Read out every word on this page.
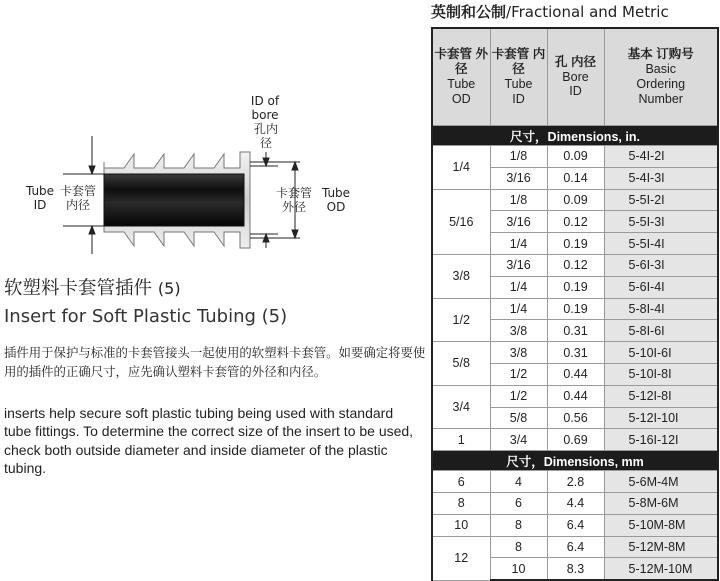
Tube ID
卡套管 内径
ID of bore
孔内 径
卡套管 外径
Tube OD
软塑料卡套管插件 (5)
Insert for Soft Plastic Tubing (5)
插件用于保护与标准的卡套管接头一起使用的软塑料卡套管。如要确定将要使用的插件的正确尺寸，应先确认塑料卡套管的外径和内径。
inserts help secure soft plastic tubing being used with standard tube fittings. To determine the correct size of the insert to be used, check both outside diameter and inside diameter of the plastic tubing.
英制和公制/Fractional and Metric
卡套管 外径
Tube
OD	卡套管 内径
Tube
ID	孔 内径
Bore
ID	基本 订购号
Basic
Ordering
Number
尺寸，Dimensions, in.			
1/4	1/8	0.09	5-4I-2I
	3/16	0.14	5-4I-3I
5/16	1/8	0.09	5-5I-2I
	3/16	0.12	5-5I-3I
	1/4	0.19	5-5I-4I
3/8	3/16	0.12	5-6I-3I
	1/4	0.19	5-6I-4I
1/2	1/4	0.19	5-8I-4I
	3/8	0.31	5-8I-6I
5/8	3/8	0.31	5-10I-6I
	1/2	0.44	5-10I-8I
3/4	1/2	0.44	5-12I-8I
	5/8	0.56	5-12I-10I
1	3/4	0.69	5-16I-12I
尺寸，Dimensions, mm			
6	4	2.8	5-6M-4M
8	6	4.4	5-8M-6M
10	8	6.4	5-10M-8M
12	8	6.4	5-12M-8M
	10	8.3	5-12M-10M
